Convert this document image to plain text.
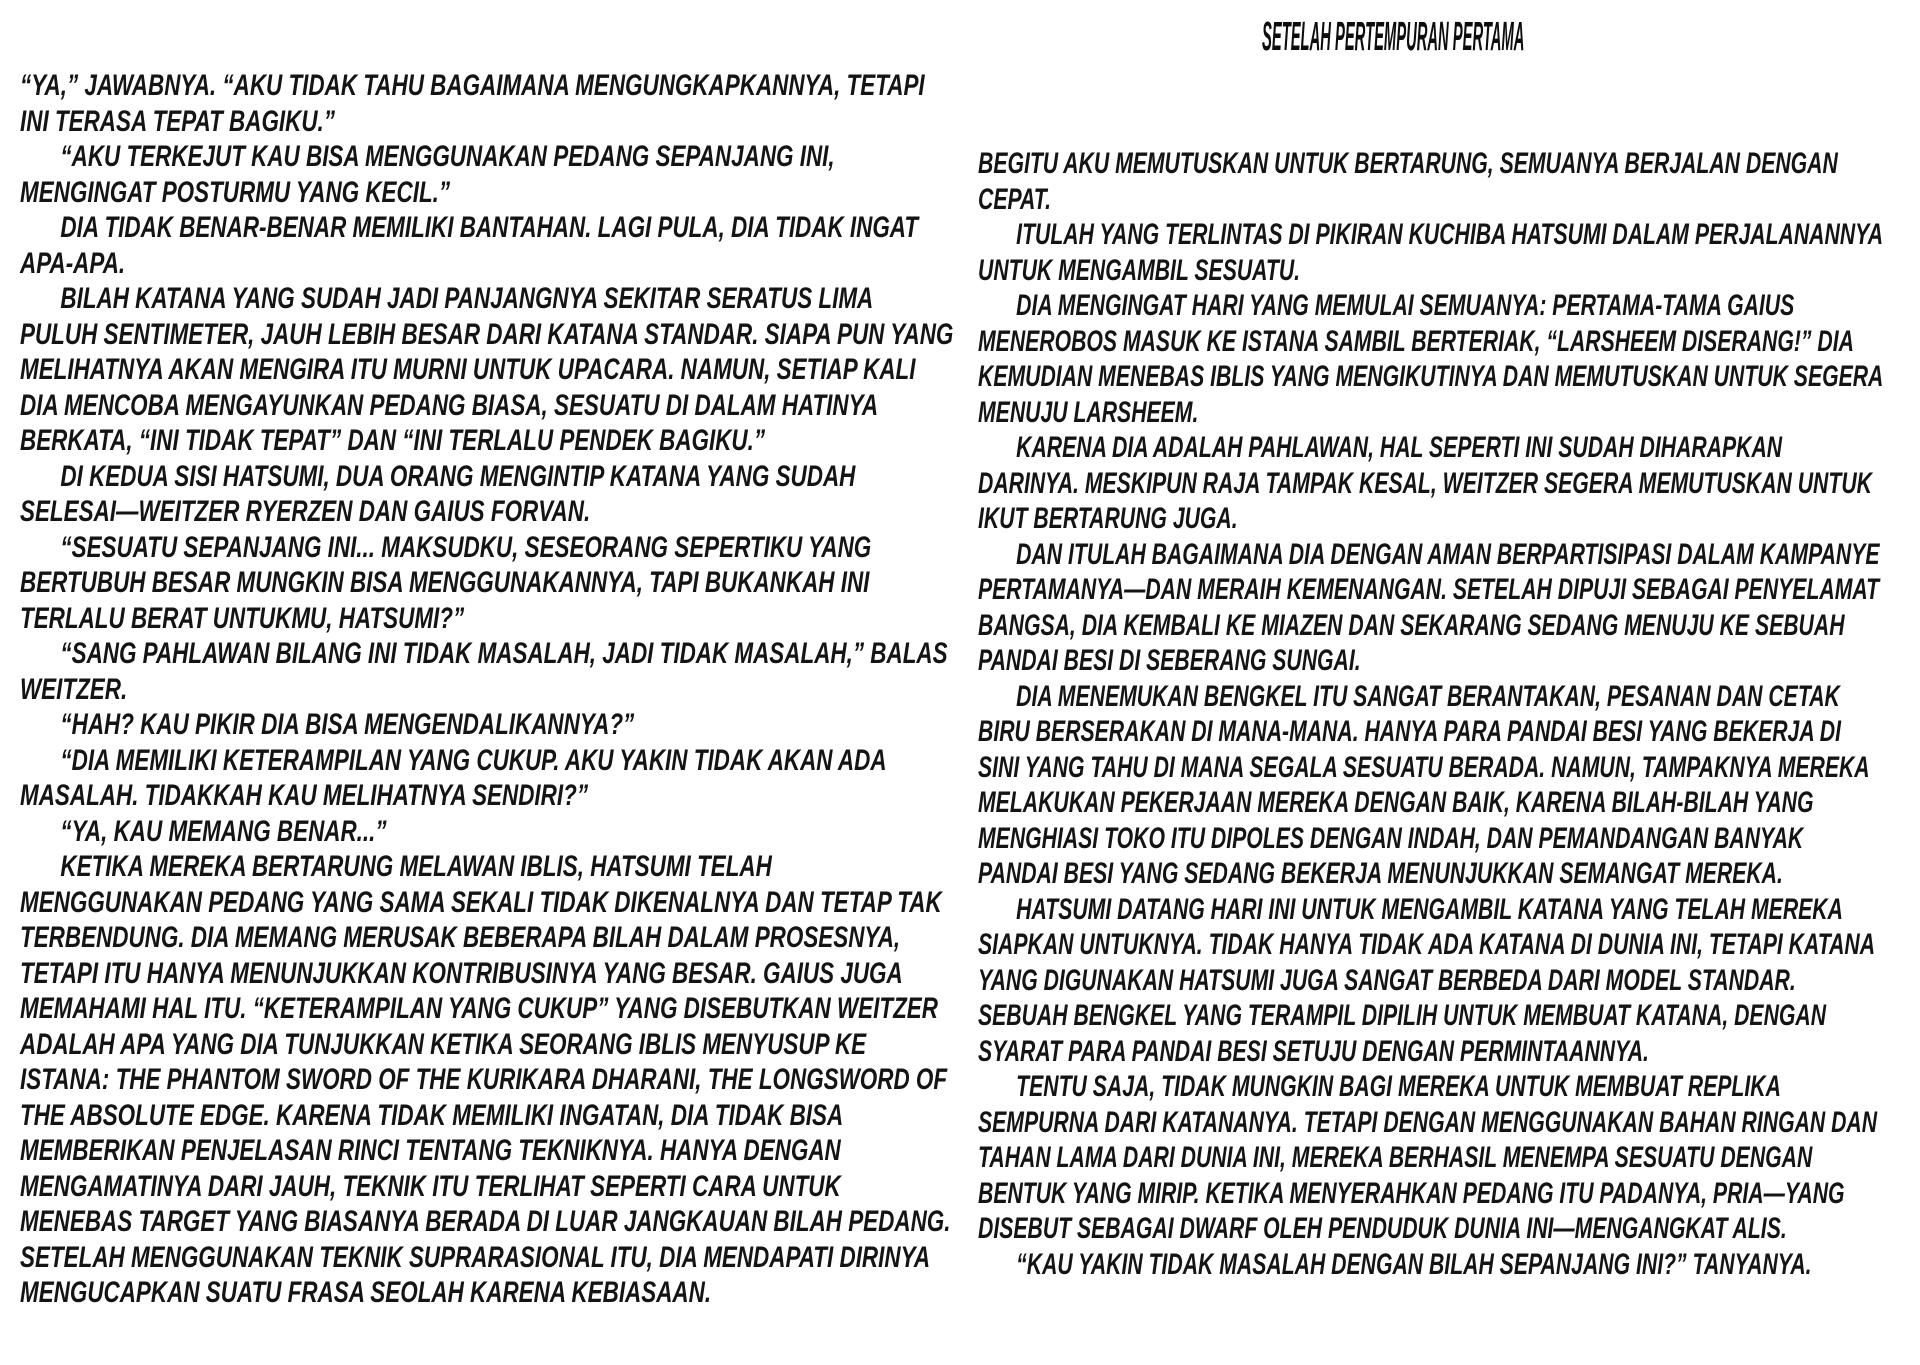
SETELAH PERTEMPURAN PERTAMA

“YA,” JAWABNYA. “AKU TIDAK TAHU BAGAIMANA MENGUNGKAPKANNYA, TETAPI INI TERASA TEPAT BAGIKU.”

“AKU TERKEJUT KAU BISA MENGGUNAKAN PEDANG SEPANJANG INI, MENGINGAT POSTURMU YANG KECIL.”

DIA TIDAK BENAR-BENAR MEMILIKI BANTAHAN. LAGI PULA, DIA TIDAK INGAT APA-APA.

BILAH KATANA YANG SUDAH JADI PANJANGNYA SEKITAR SERATUS LIMA PULUH SENTIMETER, JAUH LEBIH BESAR DARI KATANA STANDAR. SIAPA PUN YANG MELIHATNYA AKAN MENGIRA ITU MURNI UNTUK UPACARA. NAMUN, SETIAP KALI DIA MENCOBA MENGAYUNKAN PEDANG BIASA, SESUATU DI DALAM HATINYA BERKATA, “INI TIDAK TEPAT” DAN “INI TERLALU PENDEK BAGIKU.”

DI KEDUA SISI HATSUMI, DUA ORANG MENGINTIP KATANA YANG SUDAH SELESAI—WEITZER RYERZEN DAN GAIUS FORVAN.

“SESUATU SEPANJANG INI... MAKSUDKU, SESEORANG SEPERTIKU YANG BERTUBUH BESAR MUNGKIN BISA MENGGUNAKANNYA, TAPI BUKANKAH INI TERLALU BERAT UNTUKMU, HATSUMI?”

“SANG PAHLAWAN BILANG INI TIDAK MASALAH, JADI TIDAK MASALAH,” BALAS WEITZER.

“HAH? KAU PIKIR DIA BISA MENGENDALIKANNYA?”

“DIA MEMILIKI KETERAMPILAN YANG CUKUP. AKU YAKIN TIDAK AKAN ADA MASALAH. TIDAKKAH KAU MELIHATNYA SENDIRI?”

“YA, KAU MEMANG BENAR...”

KETIKA MEREKA BERTARUNG MELAWAN IBLIS, HATSUMI TELAH MENGGUNAKAN PEDANG YANG SAMA SEKALI TIDAK DIKENALNYA DAN TETAP TAK TERBENDUNG. DIA MEMANG MERUSAK BEBERAPA BILAH DALAM PROSESNYA, TETAPI ITU HANYA MENUNJUKKAN KONTRIBUSINYA YANG BESAR. GAIUS JUGA MEMAHAMI HAL ITU. “KETERAMPILAN YANG CUKUP” YANG DISEBUTKAN WEITZER ADALAH APA YANG DIA TUNJUKKAN KETIKA SEORANG IBLIS MENYUSUP KE ISTANA: THE PHANTOM SWORD OF THE KURIKARA DHARANI, THE LONGSWORD OF THE ABSOLUTE EDGE. KARENA TIDAK MEMILIKI INGATAN, DIA TIDAK BISA MEMBERIKAN PENJELASAN RINCI TENTANG TEKNIKNYA. HANYA DENGAN MENGAMATINYA DARI JAUH, TEKNIK ITU TERLIHAT SEPERTI CARA UNTUK MENEBAS TARGET YANG BIASANYA BERADA DI LUAR JANGKAUAN BILAH PEDANG. SETELAH MENGGUNAKAN TEKNIK SUPRARASIONAL ITU, DIA MENDAPATI DIRINYA MENGUCAPKAN SUATU FRASA SEOLAH KARENA KEBIASAAN.

BEGITU AKU MEMUTUSKAN UNTUK BERTARUNG, SEMUANYA BERJALAN DENGAN CEPAT.

ITULAH YANG TERLINTAS DI PIKIRAN KUCHIBA HATSUMI DALAM PERJALANANNYA UNTUK MENGAMBIL SESUATU.

DIA MENGINGAT HARI YANG MEMULAI SEMUANYA: PERTAMA-TAMA GAIUS MENEROBOS MASUK KE ISTANA SAMBIL BERTERIAK, “LARSHEEM DISERANG!” DIA KEMUDIAN MENEBAS IBLIS YANG MENGIKUTINYA DAN MEMUTUSKAN UNTUK SEGERA MENUJU LARSHEEM.

KARENA DIA ADALAH PAHLAWAN, HAL SEPERTI INI SUDAH DIHARAPKAN DARINYA. MESKIPUN RAJA TAMPAK KESAL, WEITZER SEGERA MEMUTUSKAN UNTUK IKUT BERTARUNG JUGA.

DAN ITULAH BAGAIMANA DIA DENGAN AMAN BERPARTISIPASI DALAM KAMPANYE PERTAMANYA—DAN MERAIH KEMENANGAN. SETELAH DIPUJI SEBAGAI PENYELAMAT BANGSA, DIA KEMBALI KE MIAZEN DAN SEKARANG SEDANG MENUJU KE SEBUAH PANDAI BESI DI SEBERANG SUNGAI.

DIA MENEMUKAN BENGKEL ITU SANGAT BERANTAKAN, PESANAN DAN CETAK BIRU BERSERAKAN DI MANA-MANA. HANYA PARA PANDAI BESI YANG BEKERJA DI SINI YANG TAHU DI MANA SEGALA SESUATU BERADA. NAMUN, TAMPAKNYA MEREKA MELAKUKAN PEKERJAAN MEREKA DENGAN BAIK, KARENA BILAH-BILAH YANG MENGHIASI TOKO ITU DIPOLES DENGAN INDAH, DAN PEMANDANGAN BANYAK PANDAI BESI YANG SEDANG BEKERJA MENUNJUKKAN SEMANGAT MEREKA.

HATSUMI DATANG HARI INI UNTUK MENGAMBIL KATANA YANG TELAH MEREKA SIAPKAN UNTUKNYA. TIDAK HANYA TIDAK ADA KATANA DI DUNIA INI, TETAPI KATANA YANG DIGUNAKAN HATSUMI JUGA SANGAT BERBEDA DARI MODEL STANDAR. SEBUAH BENGKEL YANG TERAMPIL DIPILIH UNTUK MEMBUAT KATANA, DENGAN SYARAT PARA PANDAI BESI SETUJU DENGAN PERMINTAANNYA.

TENTU SAJA, TIDAK MUNGKIN BAGI MEREKA UNTUK MEMBUAT REPLIKA SEMPURNA DARI KATANANYA. TETAPI DENGAN MENGGUNAKAN BAHAN RINGAN DAN TAHAN LAMA DARI DUNIA INI, MEREKA BERHASIL MENEMPA SESUATU DENGAN BENTUK YANG MIRIP. KETIKA MENYERAHKAN PEDANG ITU PADANYA, PRIA—YANG DISEBUT SEBAGAI DWARF OLEH PENDUDUK DUNIA INI—MENGANGKAT ALIS.

“KAU YAKIN TIDAK MASALAH DENGAN BILAH SEPANJANG INI?” TANYANYA.
